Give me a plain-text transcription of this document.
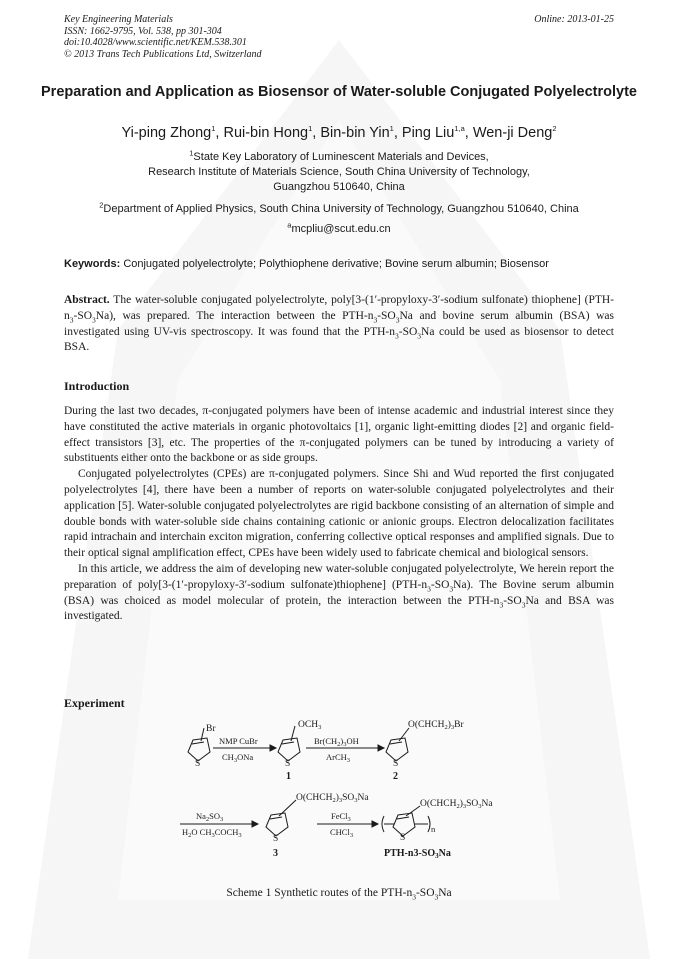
Key Engineering Materials
ISSN: 1662-9795, Vol. 538, pp 301-304
doi:10.4028/www.scientific.net/KEM.538.301
© 2013 Trans Tech Publications Ltd, Switzerland
Online: 2013-01-25
Preparation and Application as Biosensor of Water-soluble Conjugated Polyelectrolyte
Yi-ping Zhong$^1$, Rui-bin Hong$^1$, Bin-bin Yin$^1$, Ping Liu$^{1,a}$, Wen-ji Deng$^2$
$^1$State Key Laboratory of Luminescent Materials and Devices,
Research Institute of Materials Science, South China University of Technology,
Guangzhou 510640, China
$^2$Department of Applied Physics, South China University of Technology, Guangzhou 510640, China
$^a$mcpliu@scut.edu.cn
Keywords: Conjugated polyelectrolyte; Polythiophene derivative; Bovine serum albumin; Biosensor
Abstract. The water-soluble conjugated polyelectrolyte, poly[3-(1′-propyloxy-3′-sodium sulfonate) thiophene] $(PTH-n_3-SO_3Na)$, was prepared. The interaction between the PTH-$n_3-SO_3Na$ and bovine serum albumin (BSA) was investigated using UV-vis spectroscopy. It was found that the PTH-$n_3-SO_3Na$ could be used as biosensor to detect BSA.
Introduction
During the last two decades, π-conjugated polymers have been of intense academic and industrial interest since they have constituted the active materials in organic photovoltaics [1], organic light-emitting diodes [2] and organic field-effect transistors [3], etc. The properties of the π-conjugated polymers can be tuned by introducing a variety of substituents either onto the backbone or as side groups.
Conjugated polyelectrolytes (CPEs) are π-conjugated polymers. Since Shi and Wud reported the first conjugated polyelectrolytes [4], there have been a number of reports on water-soluble conjugated polyelectrolytes and their application [5]. Water-soluble conjugated polyelectrolytes are rigid backbone consisting of an alternation of simple and double bonds with water-soluble side chains containing cationic or anionic groups. Electron delocalization facilitates rapid intrachain and interchain exciton migration, conferring collective optical responses and amplified signals. Due to their optical signal amplification effect, CPEs have been widely used to fabricate chemical and biological sensors.
In this article, we address the aim of developing new water-soluble conjugated polyelectrolyte, We herein report the preparation of poly[3-(1′-propyloxy-3′-sodium sulfonate)thiophene] $(PTH-n_3-SO_3Na)$. The Bovine serum albumin (BSA) was choiced as model molecular of protein, the interaction between the PTH-$n_3-SO_3Na$ and BSA was investigated.
Experiment
Br
S
NMP CuBr
$CH_3ONa$
$OCH_3$
S
1
$Br(CH_2)_3OH$
ArCH$_3$
$O(CHCH_2)_3Br$
S
2
$Na_2SO_3$
$H_2O$ $CH_3COCH_3$
$O(CHCH_2)_3SO_3Na$
S
3
FeCl$_3$
CHCl$_3$
$O(CHCH_2)_3SO_3Na$
S
n
PTH-$n3-SO_3Na$
Scheme 1 Synthetic routes of the PTH-$n_3-SO_3Na$
